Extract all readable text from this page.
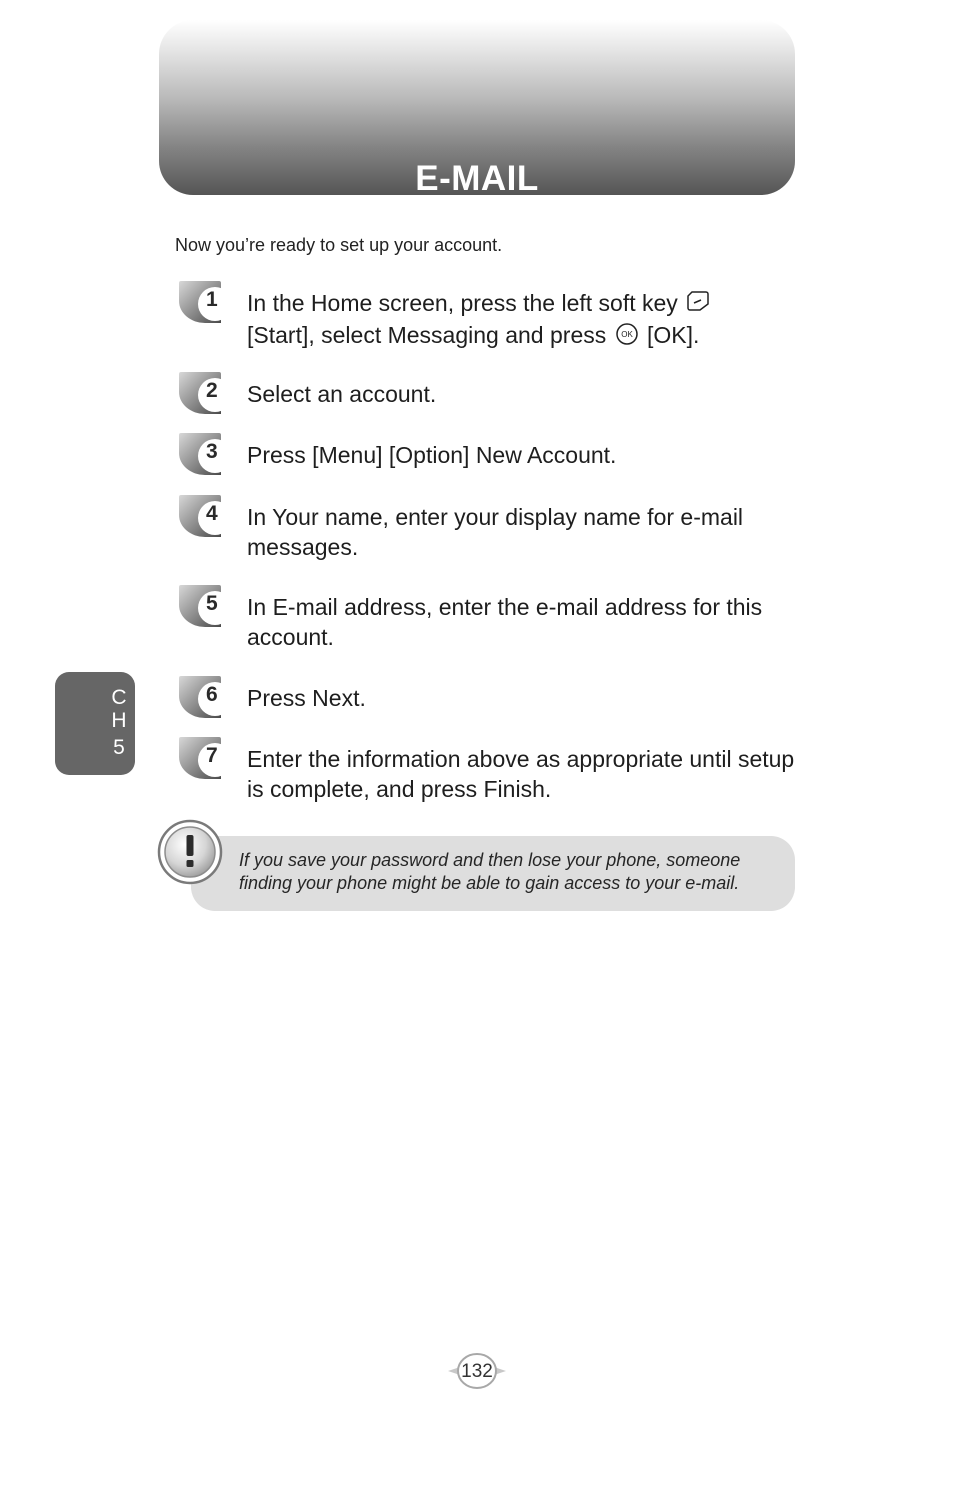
E-MAIL
Now you’re ready to set up your account.
1 In the Home screen, press the left soft key
[Start], select Messaging and press OK [OK].
2 Select an account.
3 Press [Menu] [Option] New Account.
4 In Your name, enter your display name for e-mail messages.
5 In E-mail address, enter the e-mail address for this account.
6 Press Next.
7 Enter the information above as appropriate until setup is complete, and press Finish.
C
H
5
If you save your password and then lose your phone, someone
finding your phone might be able to gain access to your e-mail.
132
